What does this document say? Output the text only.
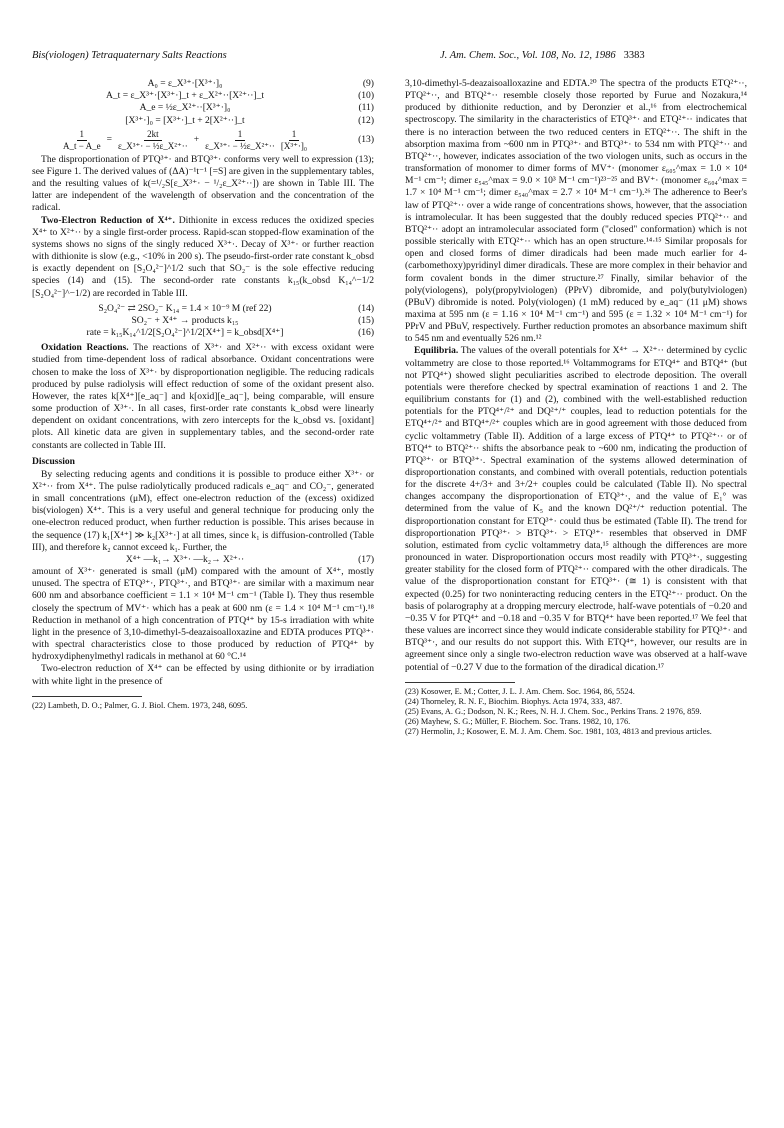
Bis(viologen) Tetraquaternary Salts Reactions	J. Am. Chem. Soc., Vol. 108, No. 12, 1986 3383
A₀ = ε_X³⁺·[X³⁺·]₀	(9)
A_t = ε_X³⁺·[X³⁺·]_t + ε_X²⁺··[X²⁺··]_t	(10)
A_e = ½ε_X²⁺··[X³⁺·]₀	(11)
[X³⁺·]₀ = [X³⁺·]_t + 2[X²⁺··]_t	(12)
$\frac{1}{A\_t - A\_e} = \frac{2kt}{\text{ε\_X³⁺· − ½ε\_X²⁺··}} + \frac{1}{\text{ε\_X³⁺· − ½ε\_X²⁺··}}$	1
[X³⁺·]₀
(13)

The disproportionation of PTQ³⁺· and BTQ³⁺· conforms very well to expression (13); see Figure 1. The derived values of (ΔA)⁻¹t⁻¹ [=S] are given in the supplementary tables, and the resulting values of k(=¹/₂S[ε_X³⁺· − ¹/₂ε_X²⁺··]) are shown in Table III. The latter are independent of the wavelength of observation and the concentration of the radical.

Two-Electron Reduction of X⁴⁺. Dithionite in excess reduces the oxidized species X⁴⁺ to X²⁺·· by a single first-order process. Rapid-scan stopped-flow examination of the systems shows no signs of the singly reduced X³⁺·. Decay of X³⁺· or further reaction with dithionite is slow (e.g., <10% in 200 s). The pseudo-first-order rate constant k_obsd is exactly dependent on [S₂O₄²⁻]^1/2 such that SO₂⁻ is the sole effective reducing species (14) and (15). The second-order rate constants k₁₅(k_obsd K₁₄^−1/2 [S₂O₄²⁻]^−1/2) are recorded in Table III.

S₂O₄²⁻ ⇄ 2SO₂⁻ K₁₄ = 1.4 × 10⁻⁹ M (ref 22)	(14)
SO₂⁻ + X⁴⁺ → products k₁₅	(15)
rate = k₁₅K₁₄^1/2[S₂O₄²⁻]^1/2[X⁴⁺] = k_obsd[X⁴⁺]	(16)

Oxidation Reactions. The reactions of X³⁺· and X²⁺·· with excess oxidant were studied from time-dependent loss of radical absorbance. Oxidant concentrations were chosen to make the loss of X³⁺· by disproportionation negligible. The reducing radicals produced by pulse radiolysis will effect reduction of some of the oxidant present also. However, the rates k[X⁴⁺][e_aq⁻] and k[oxid][e_aq⁻], being comparable, will ensure some production of X³⁺·. In all cases, first-order rate constants k_obsd were linearly dependent on oxidant concentrations, with zero intercepts for the k_obsd vs. [oxidant] plots. All kinetic data are given in supplementary tables, and the second-order rate constants are collected in Table III.

Discussion

By selecting reducing agents and conditions it is possible to produce either X³⁺· or X²⁺·· from X⁴⁺. The pulse radiolytically produced radicals e_aq⁻ and CO₂⁻, generated in small concentrations (μM), effect one-electron reduction of the (excess) oxidized bis(viologen) X⁴⁺. This is a very useful and general technique for producing only the one-electron reduced product, when further reduction is possible. This arises because in the sequence (17) k₁[X⁴⁺] ≫ k₂[X³⁺·] at all times, since k₁ is diffusion-controlled (Table III), and therefore k₂ cannot exceed k₁. Further, the

X⁴⁺ —k₁→ X³⁺· —k₂→ X²⁺··	(17)

amount of X³⁺· generated is small (μM) compared with the amount of X⁴⁺, mostly unused. The spectra of ETQ³⁺·, PTQ³⁺·, and BTQ³⁺· are similar with a maximum near 600 nm and absorbance coefficient = 1.1 × 10⁴ M⁻¹ cm⁻¹ (Table I). They thus resemble closely the spectrum of MV⁺· which has a peak at 600 nm (ε = 1.4 × 10⁴ M⁻¹ cm⁻¹).¹⁸ Reduction in methanol of a high concentration of PTQ⁴⁺ by 15-s irradiation with white light in the presence of 3,10-dimethyl-5-deazaisoalloxazine and EDTA produces PTQ³⁺· with spectral characteristics close to those produced by reduction of PTQ⁴⁺ by hydroxydiphenylmethyl radicals in methanol at 60 °C.¹⁴

Two-electron reduction of X⁴⁺ can be effected by using dithionite or by irradiation with white light in the presence of

(22) Lambeth, D. O.; Palmer, G. J. Biol. Chem. 1973, 248, 6095.

3,10-dimethyl-5-deazaisoalloxazine and EDTA.²⁰ The spectra of the products ETQ²⁺··, PTQ²⁺··, and BTQ²⁺·· resemble closely those reported by Furue and Nozakura,¹⁴ produced by dithionite reduction, and by Deronzier et al.,¹⁶ from electrochemical spectroscopy. The similarity in the characteristics of ETQ³⁺· and ETQ²⁺·· indicates that there is no interaction between the two reduced centers in ETQ²⁺··. The shift in the absorption maxima from ~600 nm in PTQ³⁺· and BTQ³⁺· to 534 nm with PTQ²⁺·· and BTQ²⁺··, however, indicates association of the two viologen units, such as occurs in the transformation of monomer to dimer forms of MV⁺· (monomer ε₆₀₅^max = 1.0 × 10⁴ M⁻¹ cm⁻¹; dimer ε₅₄₅^max = 9.0 × 10³ M⁻¹ cm⁻¹)²³⁻²⁵ and BV⁺· (monomer ε₆₀₄^max = 1.7 × 10⁴ M⁻¹ cm⁻¹; dimer ε₅₄₀^max = 2.7 × 10⁴ M⁻¹ cm⁻¹).²⁶ The adherence to Beer's law of PTQ²⁺·· over a wide range of concentrations shows, however, that the association is intramolecular. It has been suggested that the doubly reduced species PTQ²⁺·· and BTQ²⁺·· adopt an intramolecular associated form ("closed" conformation) which is not possible sterically with ETQ²⁺·· which has an open structure.¹⁴·¹⁵ Similar proposals for open and closed forms of dimer diradicals had been made much earlier for 4-(carbomethoxy)pyridinyl dimer diradicals. These are more complex in their behavior and form covalent bonds in the dimer structure.²⁷ Finally, similar behavior of the poly(viologens), poly(propylviologen) (PPrV) dibromide, and poly(butylviologen) (PBuV) dibromide is noted. Poly(viologen) (1 mM) reduced by e_aq⁻ (11 μM) shows maxima at 595 nm (ε = 1.16 × 10⁴ M⁻¹ cm⁻¹) and 595 (ε = 1.32 × 10⁴ M⁻¹ cm⁻¹) for PPrV and PBuV, respectively. Further reduction promotes an absorbance maximum shift to 545 nm and eventually 526 nm.¹²

Equilibria. The values of the overall potentials for X⁴⁺ → X²⁺·· determined by cyclic voltammetry are close to those reported.¹⁶ Voltammograms for ETQ⁴⁺ and BTQ⁴⁺ (but not PTQ⁴⁺) showed slight peculiarities ascribed to electrode deposition. The overall potentials were therefore checked by spectral examination of reactions 1 and 2. The equilibrium constants for (1) and (2), combined with the well-established reduction potentials for the PTQ⁴⁺/²⁺ and DQ²⁺/⁺ couples, lead to reduction potentials for the ETQ⁴⁺/²⁺ and BTQ⁴⁺/²⁺ couples which are in good agreement with those deduced from cyclic voltammetry (Table II). Addition of a large excess of PTQ⁴⁺ to PTQ²⁺·· or of BTQ⁴⁺ to BTQ²⁺·· shifts the absorbance peak to ~600 nm, indicating the production of PTQ³⁺· or BTQ³⁺·. Spectral examination of the systems allowed determination of disproportionation constants, and combined with overall potentials, reduction potentials for the discrete 4+/3+ and 3+/2+ couples could be calculated (Table II). No spectral changes accompany the disproportionation of ETQ³⁺·, and the value of E₁° was determined from the value of K₅ and the known DQ²⁺/⁺ reduction potential. The disproportionation constant for ETQ³⁺· could thus be estimated (Table II). The trend for disproportionation PTQ³⁺· > BTQ³⁺· > ETQ³⁺· resembles that observed in DMF solution, estimated from cyclic voltammetry data,¹⁵ although the differences are more pronounced in water. Disproportionation occurs most readily with PTQ³⁺·, suggesting greater stability for the closed form of PTQ²⁺·· compared with the other diradicals. The value of the disproportionation constant for ETQ³⁺· (≅ 1) is consistent with that expected (0.25) for two noninteracting reducing centers in the ETQ²⁺·· product. On the basis of polarography at a dropping mercury electrode, half-wave potentials of −0.20 and −0.35 V for PTQ⁴⁺ and −0.18 and −0.35 V for BTQ⁴⁺ have been reported.¹⁷ We feel that these values are incorrect since they would indicate considerable stability for PTQ³⁺· and BTQ³⁺·, and our results do not support this. With ETQ⁴⁺, however, our results are in agreement since only a single two-electron reduction wave was observed at a half-wave potential of −0.27 V due to the formation of the diradical dication.¹⁷

(23) Kosower, E. M.; Cotter, J. L. J. Am. Chem. Soc. 1964, 86, 5524.
(24) Thorneley, R. N. F., Biochim. Biophys. Acta 1974, 333, 487.
(25) Evans, A. G.; Dodson, N. K.; Rees, N. H. J. Chem. Soc., Perkins Trans. 2 1976, 859.
(26) Mayhew, S. G.; Müller, F. Biochem. Soc. Trans. 1982, 10, 176.
(27) Hermolin, J.; Kosower, E. M. J. Am. Chem. Soc. 1981, 103, 4813 and previous articles.
